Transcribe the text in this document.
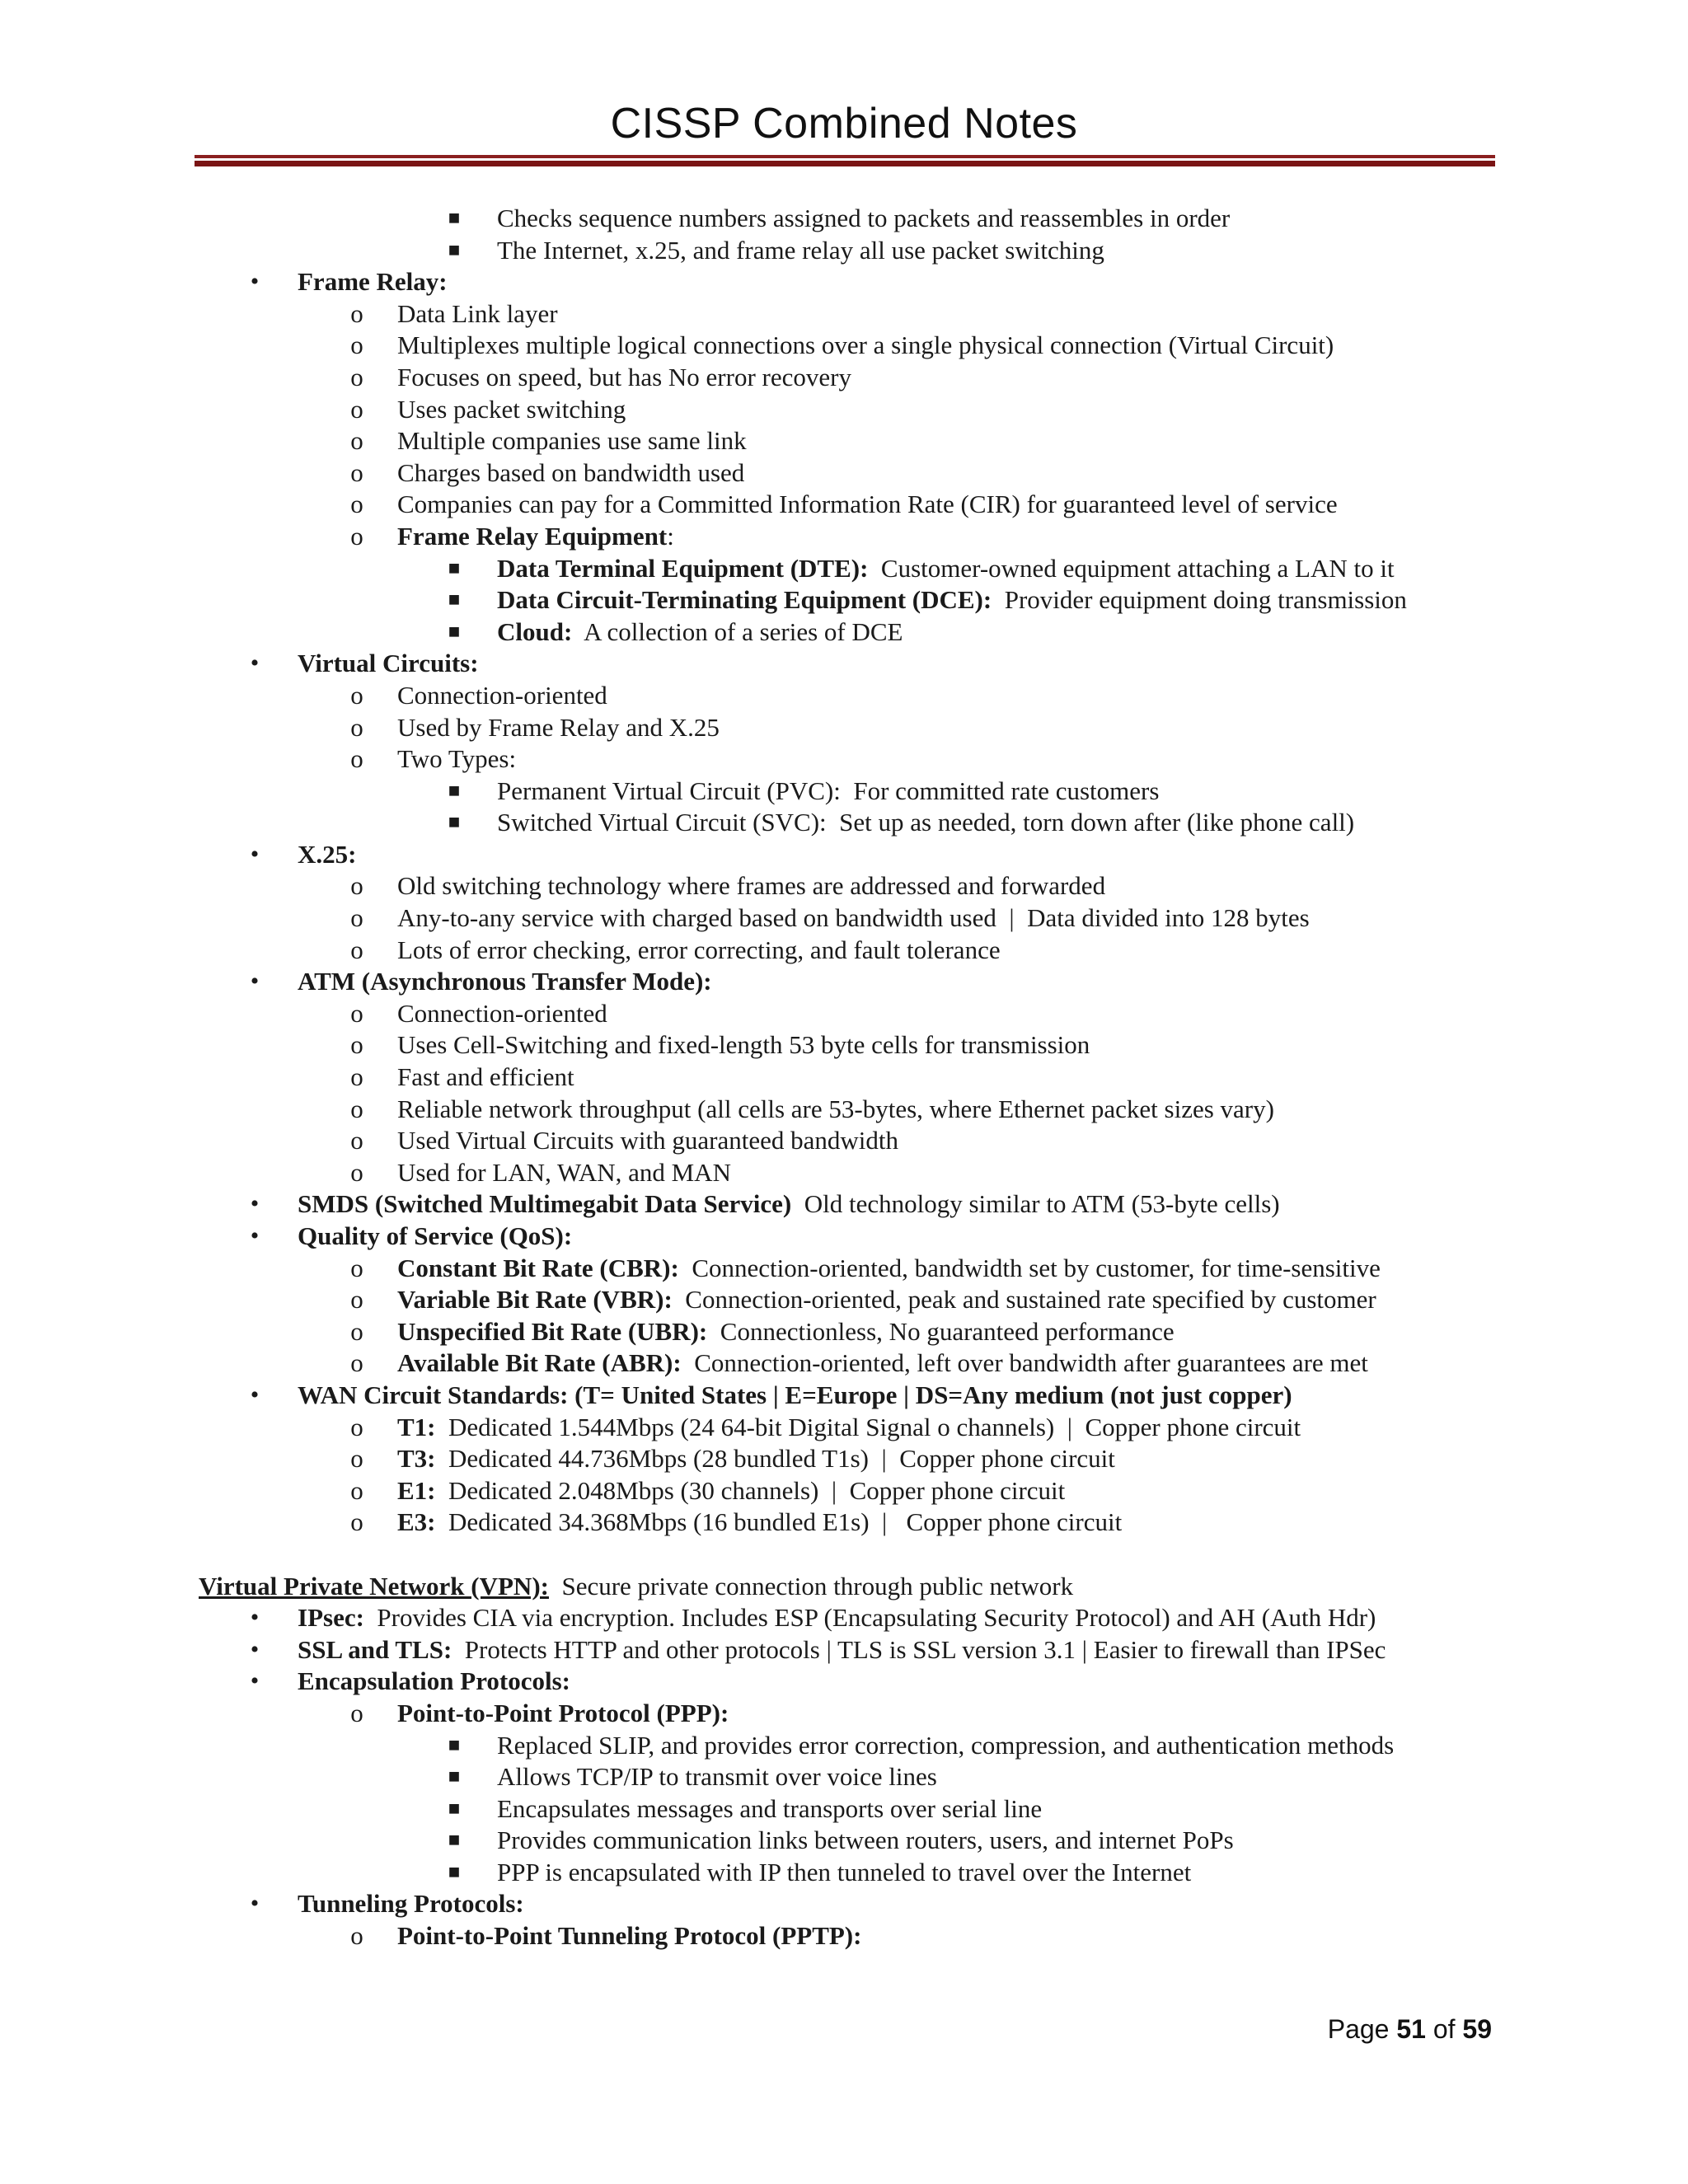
CISSP Combined Notes
■ Checks sequence numbers assigned to packets and reassembles in order
■ The Internet, x.25, and frame relay all use packet switching
•	Frame Relay:
o Data Link layer
o Multiplexes multiple logical connections over a single physical connection (Virtual Circuit)
o Focuses on speed, but has No error recovery
o Uses packet switching
o Multiple companies use same link
o Charges based on bandwidth used
o Companies can pay for a Committed Information Rate (CIR) for guaranteed level of service
o Frame Relay Equipment:
■ Data Terminal Equipment (DTE):  Customer-owned equipment attaching a LAN to it
■ Data Circuit-Terminating Equipment (DCE):  Provider equipment doing transmission
■ Cloud:  A collection of a series of DCE
•	Virtual Circuits:
o Connection-oriented
o Used by Frame Relay and X.25
o Two Types:
■ Permanent Virtual Circuit (PVC):  For committed rate customers
■ Switched Virtual Circuit (SVC):  Set up as needed, torn down after (like phone call)
•	X.25:
o Old switching technology where frames are addressed and forwarded
o Any-to-any service with charged based on bandwidth used  |  Data divided into 128 bytes
o Lots of error checking, error correcting, and fault tolerance
•	ATM (Asynchronous Transfer Mode):
o Connection-oriented
o Uses Cell-Switching and fixed-length 53 byte cells for transmission
o Fast and efficient
o Reliable network throughput (all cells are 53-bytes, where Ethernet packet sizes vary)
o Used Virtual Circuits with guaranteed bandwidth
o Used for LAN, WAN, and MAN
•	SMDS (Switched Multimegabit Data Service)  Old technology similar to ATM (53-byte cells)
•	Quality of Service (QoS):
o Constant Bit Rate (CBR):  Connection-oriented, bandwidth set by customer, for time-sensitive
o Variable Bit Rate (VBR):  Connection-oriented, peak and sustained rate specified by customer
o Unspecified Bit Rate (UBR):  Connectionless, No guaranteed performance
o Available Bit Rate (ABR):  Connection-oriented, left over bandwidth after guarantees are met
•	WAN Circuit Standards: (T= United States | E=Europe | DS=Any medium (not just copper)
o T1:  Dedicated 1.544Mbps (24 64-bit Digital Signal o channels)  |  Copper phone circuit
o T3:  Dedicated 44.736Mbps (28 bundled T1s)  |  Copper phone circuit
o E1:  Dedicated 2.048Mbps (30 channels)  |  Copper phone circuit
o E3:  Dedicated 34.368Mbps (16 bundled E1s)  |   Copper phone circuit
Virtual Private Network (VPN):  Secure private connection through public network
•	IPsec:  Provides CIA via encryption. Includes ESP (Encapsulating Security Protocol) and AH (Auth Hdr)
•	SSL and TLS:  Protects HTTP and other protocols | TLS is SSL version 3.1 | Easier to firewall than IPSec
•	Encapsulation Protocols:
o Point-to-Point Protocol (PPP):
■ Replaced SLIP, and provides error correction, compression, and authentication methods
■ Allows TCP/IP to transmit over voice lines
■ Encapsulates messages and transports over serial line
■ Provides communication links between routers, users, and internet PoPs
■ PPP is encapsulated with IP then tunneled to travel over the Internet
•	Tunneling Protocols:
o Point-to-Point Tunneling Protocol (PPTP):
Page 51 of 59
